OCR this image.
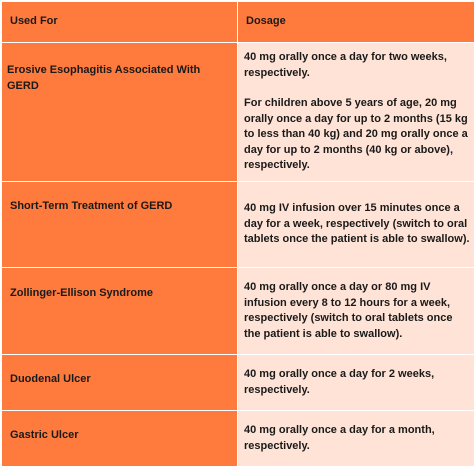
Used For	Dosage
Erosive Esophagitis Associated With GERD	40 mg orally once a day for two weeks, respectively.

For children above 5 years of age, 20 mg orally once a day for up to 2 months (15 kg to less than 40 kg) and 20 mg orally once a day for up to 2 months (40 kg or above), respectively.

Short-Term Treatment of GERD	40 mg IV infusion over 15 minutes once a day for a week, respectively (switch to oral tablets once the patient is able to swallow).

Zollinger-Ellison Syndrome	40 mg orally once a day or 80 mg IV infusion every 8 to 12 hours for a week, respectively (switch to oral tablets once the patient is able to swallow).

Duodenal Ulcer	40 mg orally once a day for 2 weeks, respectively.

Gastric Ulcer	40 mg orally once a day for a month, respectively.
